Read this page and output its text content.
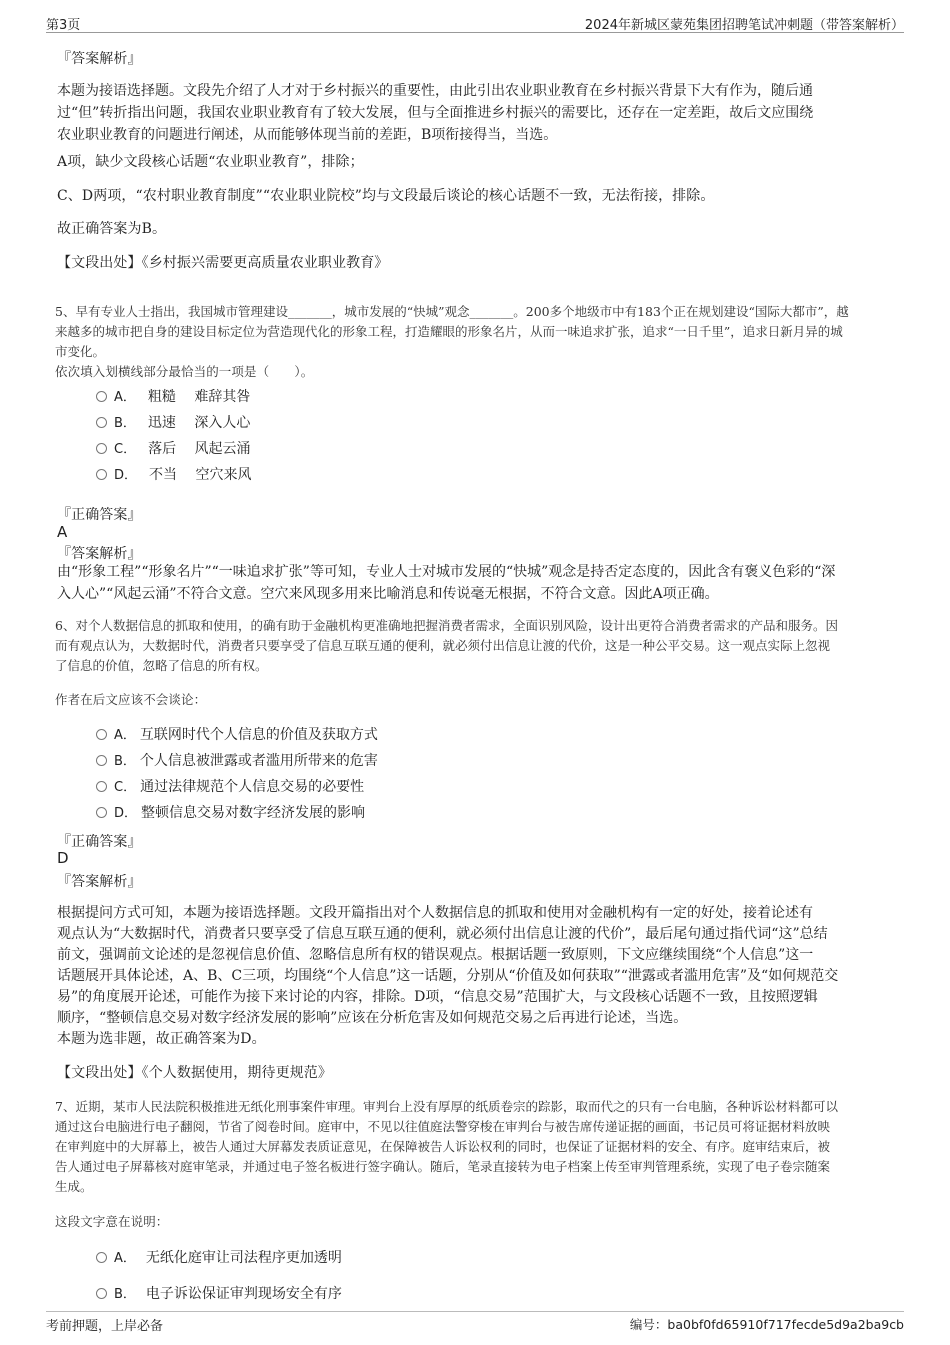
第3页	2024年新城区蒙苑集团招聘笔试冲刺题（带答案解析）

『答案解析』

本题为接语选择题。文段先介绍了人才对于乡村振兴的重要性，由此引出农业职业教育在乡村振兴背景下大有作为，随后通
过“但”转折指出问题，我国农业职业教育有了较大发展，但与全面推进乡村振兴的需要比，还存在一定差距，故后文应围绕
农业职业教育的问题进行阐述，从而能够体现当前的差距，B项衔接得当，当选。

A项，缺少文段核心话题“农业职业教育”，排除；

C、D两项，“农村职业教育制度”“农业职业院校”均与文段最后谈论的核心话题不一致，无法衔接，排除。

故正确答案为B。

【文段出处】《乡村振兴需要更高质量农业职业教育》

5、早有专业人士指出，我国城市管理建设_______，城市发展的“快城”观念_______。200多个地级市中有183个正在规划建设“国际大都市”，越
来越多的城市把自身的建设目标定位为营造现代化的形象工程，打造耀眼的形象名片，从而一味追求扩张，追求“一日千里”，追求日新月异的城
市变化。

依次填入划横线部分最恰当的一项是（　　）。

A． 粗糙　 难辞其咎
B． 迅速　 深入人心
C． 落后　 风起云涌
D． 不当　 空穴来风

『正确答案』

A

『答案解析』

由“形象工程”“形象名片”“一味追求扩张”等可知，专业人士对城市发展的“快城”观念是持否定态度的，因此含有褒义色彩的“深
入人心”“风起云涌”不符合文意。空穴来风现多用来比喻消息和传说毫无根据，不符合文意。因此A项正确。
6、对个人数据信息的抓取和使用，的确有助于金融机构更准确地把握消费者需求，全面识别风险，设计出更符合消费者需求的产品和服务。因
而有观点认为，大数据时代，消费者只要享受了信息互联互通的便利，就必须付出信息让渡的代价，这是一种公平交易。这一观点实际上忽视
了信息的价值，忽略了信息的所有权。

作者在后文应该不会谈论：

A． 互联网时代个人信息的价值及获取方式
B． 个人信息被泄露或者滥用所带来的危害
C． 通过法律规范个人信息交易的必要性
D． 整顿信息交易对数字经济发展的影响

『正确答案』

D

『答案解析』

根据提问方式可知，本题为接语选择题。文段开篇指出对个人数据信息的抓取和使用对金融机构有一定的好处，接着论述有
观点认为“大数据时代，消费者只要享受了信息互联互通的便利，就必须付出信息让渡的代价”，最后尾句通过指代词“这”总结
前文，强调前文论述的是忽视信息价值、忽略信息所有权的错误观点。根据话题一致原则，下文应继续围绕“个人信息”这一
话题展开具体论述，A、B、C三项，均围绕“个人信息”这一话题，分别从“价值及如何获取”“泄露或者滥用危害”及“如何规范交
易”的角度展开论述，可能作为接下来讨论的内容，排除。D项，“信息交易”范围扩大，与文段核心话题不一致，且按照逻辑
顺序，“整顿信息交易对数字经济发展的影响”应该在分析危害及如何规范交易之后再进行论述，当选。

本题为选非题，故正确答案为D。

【文段出处】《个人数据使用，期待更规范》

7、近期，某市人民法院积极推进无纸化刑事案件审理。审判台上没有厚厚的纸质卷宗的踪影，取而代之的只有一台电脑，各种诉讼材料都可以
通过这台电脑进行电子翻阅，节省了阅卷时间。庭审中，不见以往值庭法警穿梭在审判台与被告席传递证据的画面，书记员可将证据材料放映
在审判庭中的大屏幕上，被告人通过大屏幕发表质证意见，在保障被告人诉讼权利的同时，也保证了证据材料的安全、有序。庭审结束后，被
告人通过电子屏幕核对庭审笔录，并通过电子签名板进行签字确认。随后，笔录直接转为电子档案上传至审判管理系统，实现了电子卷宗随案
生成。

这段文字意在说明：

A． 无纸化庭审让司法程序更加透明
B． 电子诉讼保证审判现场安全有序
考前押题，上岸必备	编号：ba0bf0fd65910f717fecde5d9a2ba9cb
